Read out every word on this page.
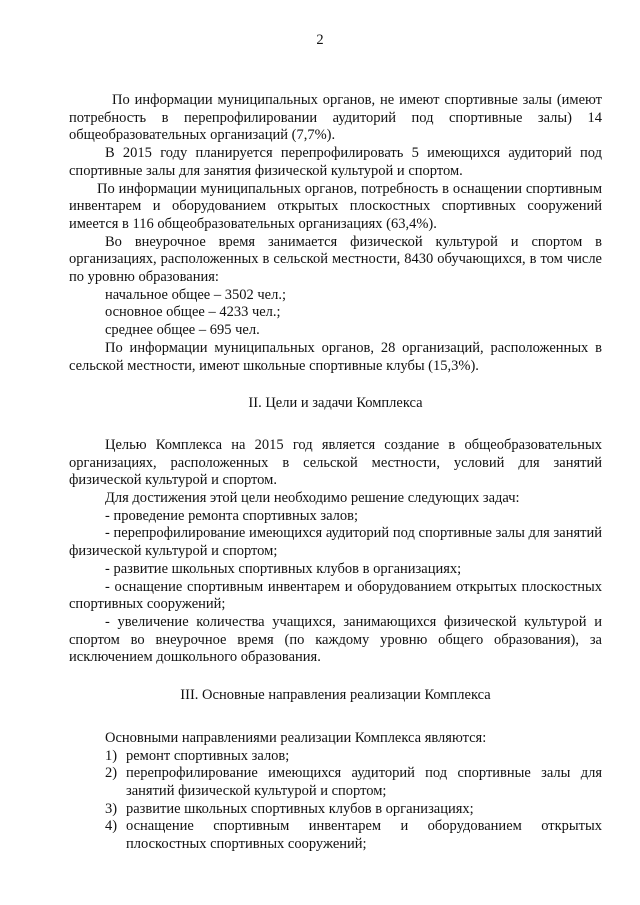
2

По информации муниципальных органов, не имеют спортивные залы (имеют потребность в перепрофилировании аудиторий под спортивные залы) 14 общеобразовательных организаций (7,7%).

В 2015 году планируется перепрофилировать 5 имеющихся аудиторий под спортивные залы для занятия физической культурой и спортом.

По информации муниципальных органов, потребность в оснащении спортивным инвентарем и оборудованием открытых плоскостных спортивных сооружений имеется в 116 общеобразовательных организациях (63,4%).

Во внеурочное время занимается физической культурой и спортом в организациях, расположенных в сельской местности, 8430 обучающихся, в том числе по уровню образования:

начальное общее – 3502 чел.;

основное общее – 4233 чел.;

среднее общее – 695 чел.

По информации муниципальных органов, 28 организаций, расположенных в сельской местности, имеют школьные спортивные клубы (15,3%).

II. Цели и задачи Комплекса

Целью Комплекса на 2015 год является создание в общеобразовательных организациях, расположенных в сельской местности, условий для занятий физической культурой и спортом.

Для достижения этой цели необходимо решение следующих задач:

- проведение ремонта спортивных залов;

- перепрофилирование имеющихся аудиторий под спортивные залы для занятий физической культурой и спортом;

- развитие школьных спортивных клубов в организациях;

- оснащение спортивным инвентарем и оборудованием открытых плоскостных спортивных сооружений;

- увеличение количества учащихся, занимающихся физической культурой и спортом во внеурочное время (по каждому уровню общего образования), за исключением дошкольного образования.

III. Основные направления реализации Комплекса

Основными направлениями реализации Комплекса являются:

1) ремонт спортивных залов;
2) перепрофилирование имеющихся аудиторий под спортивные залы для занятий физической культурой и спортом;
3) развитие школьных спортивных клубов в организациях;
4) оснащение спортивным инвентарем и оборудованием открытых плоскостных спортивных сооружений;
